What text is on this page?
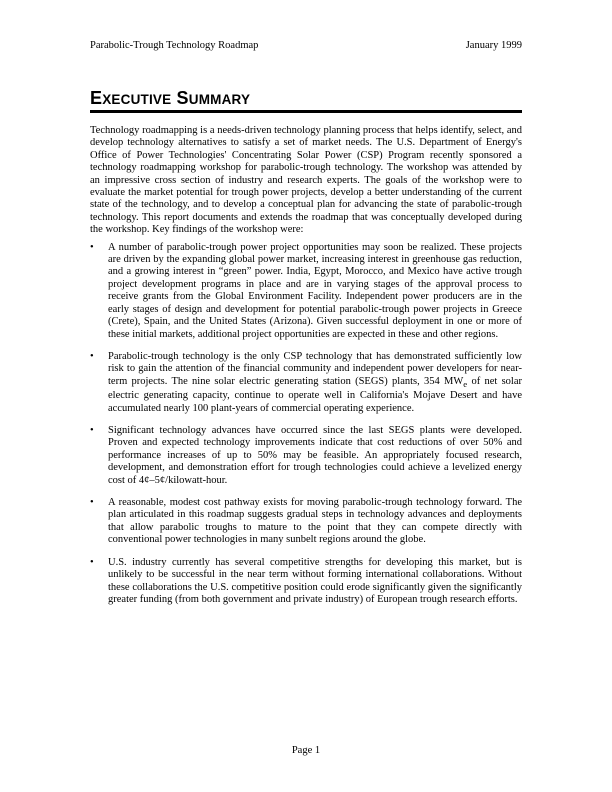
Parabolic-Trough Technology Roadmap	January 1999
EXECUTIVE SUMMARY

Technology roadmapping is a needs-driven technology planning process that helps identify, select, and develop technology alternatives to satisfy a set of market needs. The U.S. Department of Energy's Office of Power Technologies' Concentrating Solar Power (CSP) Program recently sponsored a technology roadmapping workshop for parabolic-trough technology. The workshop was attended by an impressive cross section of industry and research experts. The goals of the workshop were to evaluate the market potential for trough power projects, develop a better understanding of the current state of the technology, and to develop a conceptual plan for advancing the state of parabolic-trough technology. This report documents and extends the roadmap that was conceptually developed during the workshop. Key findings of the workshop were:

• A number of parabolic-trough power project opportunities may soon be realized. These projects are driven by the expanding global power market, increasing interest in greenhouse gas reduction, and a growing interest in “green” power. India, Egypt, Morocco, and Mexico have active trough project development programs in place and are in varying stages of the approval process to receive grants from the Global Environment Facility. Independent power producers are in the early stages of design and development for potential parabolic-trough power projects in Greece (Crete), Spain, and the United States (Arizona). Given successful deployment in one or more of these initial markets, additional project opportunities are expected in these and other regions.
• Parabolic-trough technology is the only CSP technology that has demonstrated sufficiently low risk to gain the attention of the financial community and independent power developers for near-term projects. The nine solar electric generating station (SEGS) plants, 354 $MW_e$ of net solar electric generating capacity, continue to operate well in California's Mojave Desert and have accumulated nearly 100 plant-years of commercial operating experience.
• Significant technology advances have occurred since the last SEGS plants were developed. Proven and expected technology improvements indicate that cost reductions of over 50% and performance increases of up to 50% may be feasible. An appropriately focused research, development, and demonstration effort for trough technologies could achieve a levelized energy cost of 4¢–5¢/kilowatt-hour.
• A reasonable, modest cost pathway exists for moving parabolic-trough technology forward. The plan articulated in this roadmap suggests gradual steps in technology advances and deployments that allow parabolic troughs to mature to the point that they can compete directly with conventional power technologies in many sunbelt regions around the globe.
• U.S. industry currently has several competitive strengths for developing this market, but is unlikely to be successful in the near term without forming international collaborations. Without these collaborations the U.S. competitive position could erode significantly given the significantly greater funding (from both government and private industry) of European trough research efforts.
Page 1
